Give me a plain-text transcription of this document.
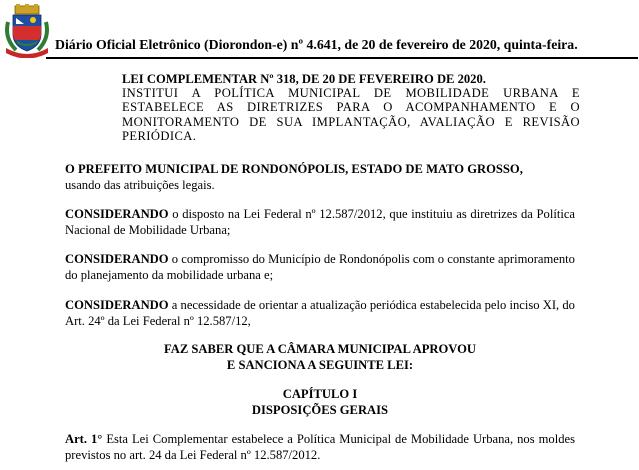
Diário Oficial Eletrônico (Diorondon-e) nº 4.641, de 20 de fevereiro de 2020, quinta-feira.
LEI COMPLEMENTAR Nº 318, DE 20 DE FEVEREIRO DE 2020.
INSTITUI A POLÍTICA MUNICIPAL DE MOBILIDADE URBANA E ESTABELECE AS DIRETRIZES PARA O ACOMPANHAMENTO E O MONITORAMENTO DE SUA IMPLANTAÇÃO, AVALIAÇÃO E REVISÃO PERIÓDICA.
O PREFEITO MUNICIPAL DE RONDONÓPOLIS, ESTADO DE MATO GROSSO,
usando das atribuições legais.
CONSIDERANDO o disposto na Lei Federal nº 12.587/2012, que instituiu as diretrizes da Política Nacional de Mobilidade Urbana;
CONSIDERANDO o compromisso do Município de Rondonópolis com o constante aprimoramento do planejamento da mobilidade urbana e;
CONSIDERANDO a necessidade de orientar a atualização periódica estabelecida pelo inciso XI, do Art. 24º da Lei Federal nº 12.587/12,
FAZ SABER QUE A CÂMARA MUNICIPAL APROVOU
E SANCIONA A SEGUINTE LEI:
CAPÍTULO I
DISPOSIÇÕES GERAIS
Art. 1° Esta Lei Complementar estabelece a Política Municipal de Mobilidade Urbana, nos moldes previstos no art. 24 da Lei Federal nº 12.587/2012.
